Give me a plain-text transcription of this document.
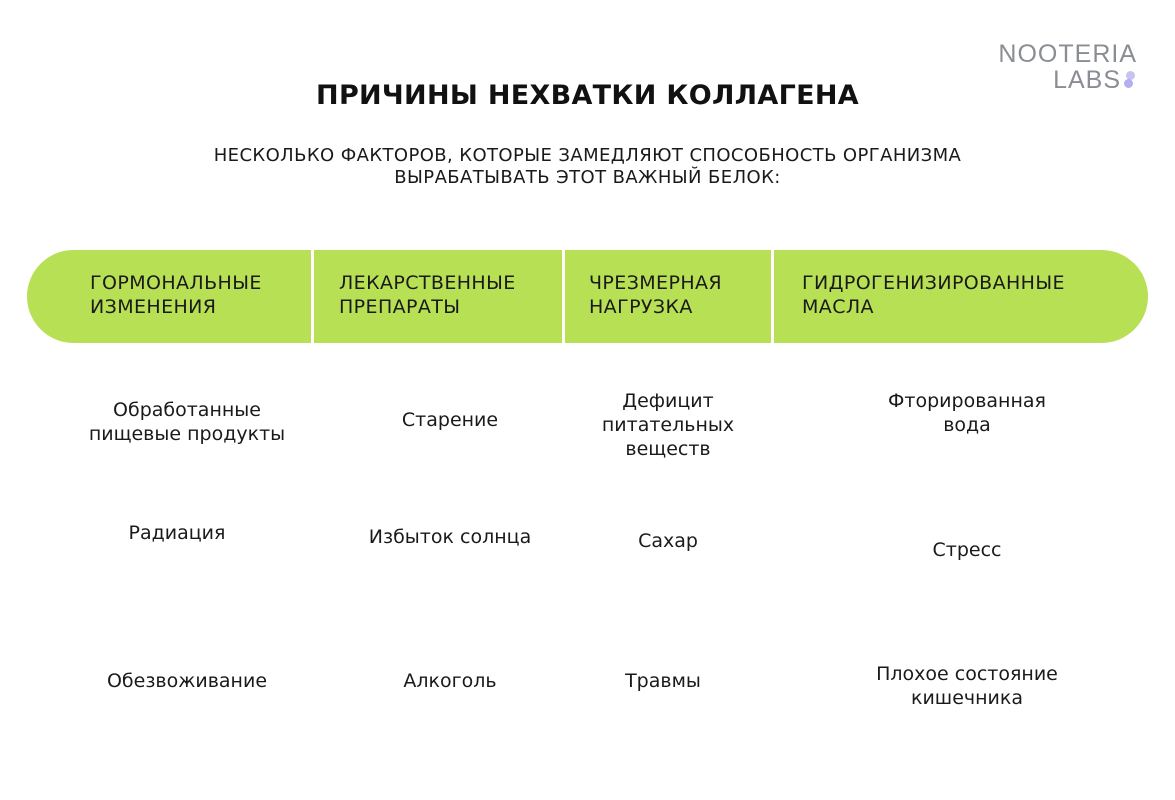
NOOTERIA
LABS
ПРИЧИНЫ НЕХВАТКИ КОЛЛАГЕНА
НЕСКОЛЬКО ФАКТОРОВ, КОТОРЫЕ ЗАМЕДЛЯЮТ СПОСОБНОСТЬ ОРГАНИЗМА
ВЫРАБАТЫВАТЬ ЭТОТ ВАЖНЫЙ БЕЛОК:
ГОРМОНАЛЬНЫЕ
ИЗМЕНЕНИЯ
ЛЕКАРСТВЕННЫЕ
ПРЕПАРАТЫ
ЧРЕЗМЕРНАЯ
НАГРУЗКА
ГИДРОГЕНИЗИРОВАННЫЕ
МАСЛА
Обработанные
пищевые продукты
Радиация
Обезвоживание
Старение
Избыток солнца
Алкоголь
Дефицит
питательных
веществ
Сахар
Травмы
Фторированная
вода
Стресс
Плохое состояние
кишечника
